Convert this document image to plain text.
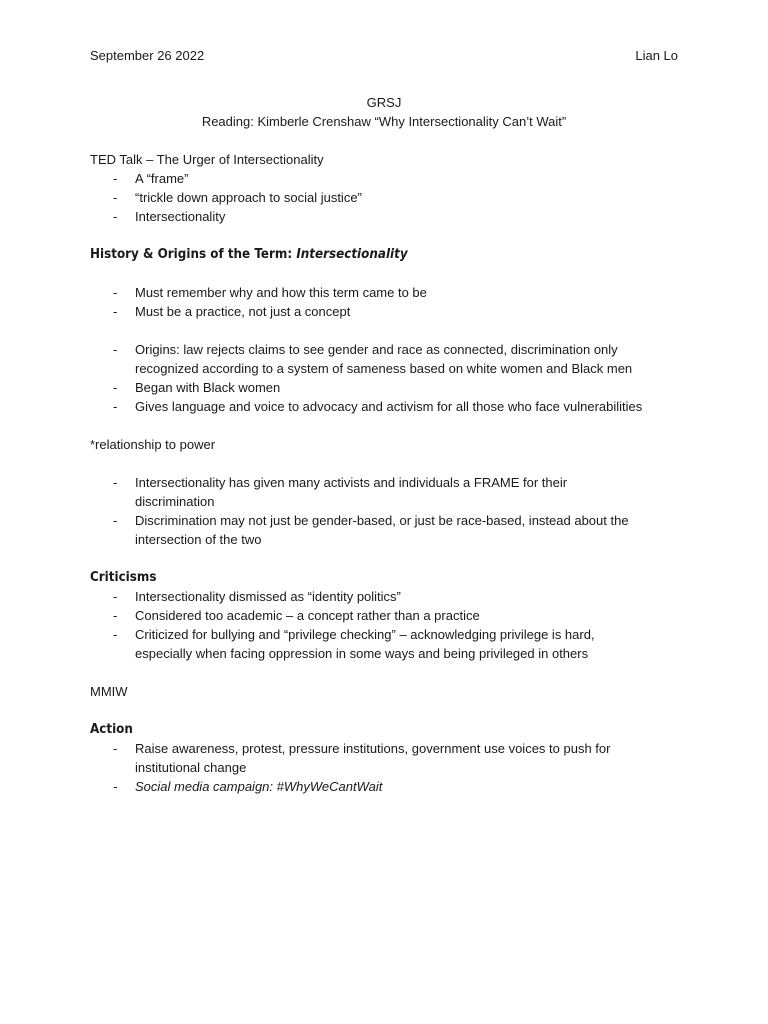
September 26 2022	Lian Lo
GRSJ
Reading: Kimberle Crenshaw “Why Intersectionality Can’t Wait”

TED Talk – The Urger of Intersectionality

- A “frame”
- “trickle down approach to social justice”
- Intersectionality
History & Origins of the Term: Intersectionality
- Must remember why and how this term came to be
- Must be a practice, not just a concept
- Origins: law rejects claims to see gender and race as connected, discrimination only recognized according to a system of sameness based on white women and Black men
- Began with Black women
- Gives language and voice to advocacy and activism for all those who face vulnerabilities

*relationship to power

- Intersectionality has given many activists and individuals a FRAME for their discrimination
- Discrimination may not just be gender-based, or just be race-based, instead about the intersection of the two
Criticisms
- Intersectionality dismissed as “identity politics”
- Considered too academic – a concept rather than a practice
- Criticized for bullying and “privilege checking” – acknowledging privilege is hard, especially when facing oppression in some ways and being privileged in others

MMIW

Action
- Raise awareness, protest, pressure institutions, government use voices to push for institutional change
- Social media campaign: #WhyWeCantWait
